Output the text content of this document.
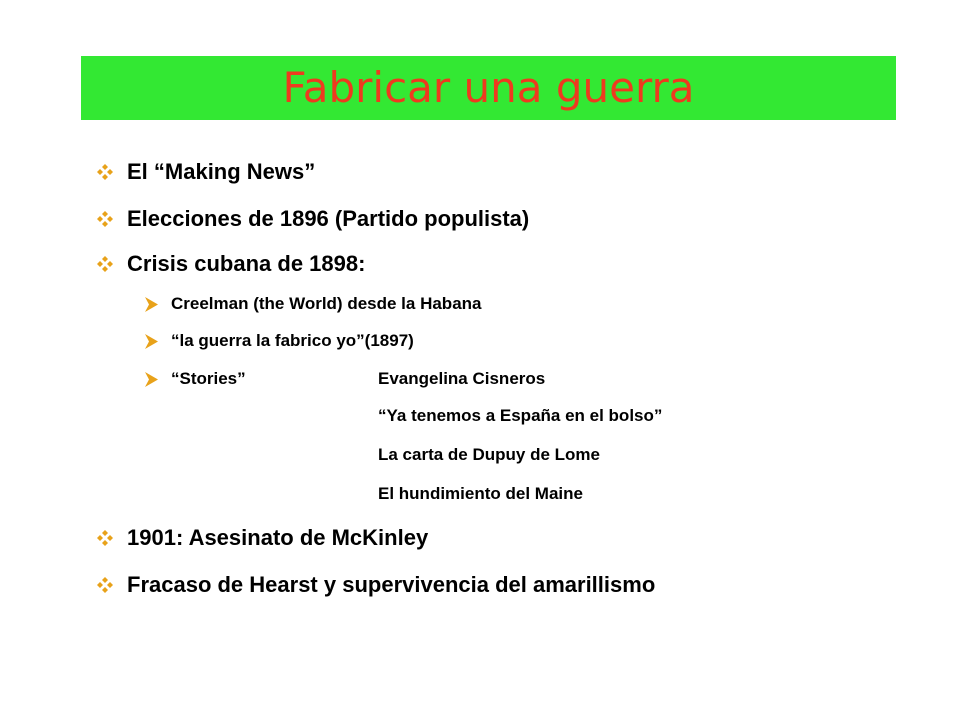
Fabricar una guerra
El “Making News”
Elecciones de 1896 (Partido populista)
Crisis cubana de 1898:
Creelman (the World) desde la Habana
“la guerra la fabrico yo”(1897)
“Stories”	Evangelina Cisneros
“Ya tenemos a España en el bolso”
La carta de Dupuy de Lome
El hundimiento del Maine
1901: Asesinato de McKinley
Fracaso de Hearst y supervivencia del amarillismo
